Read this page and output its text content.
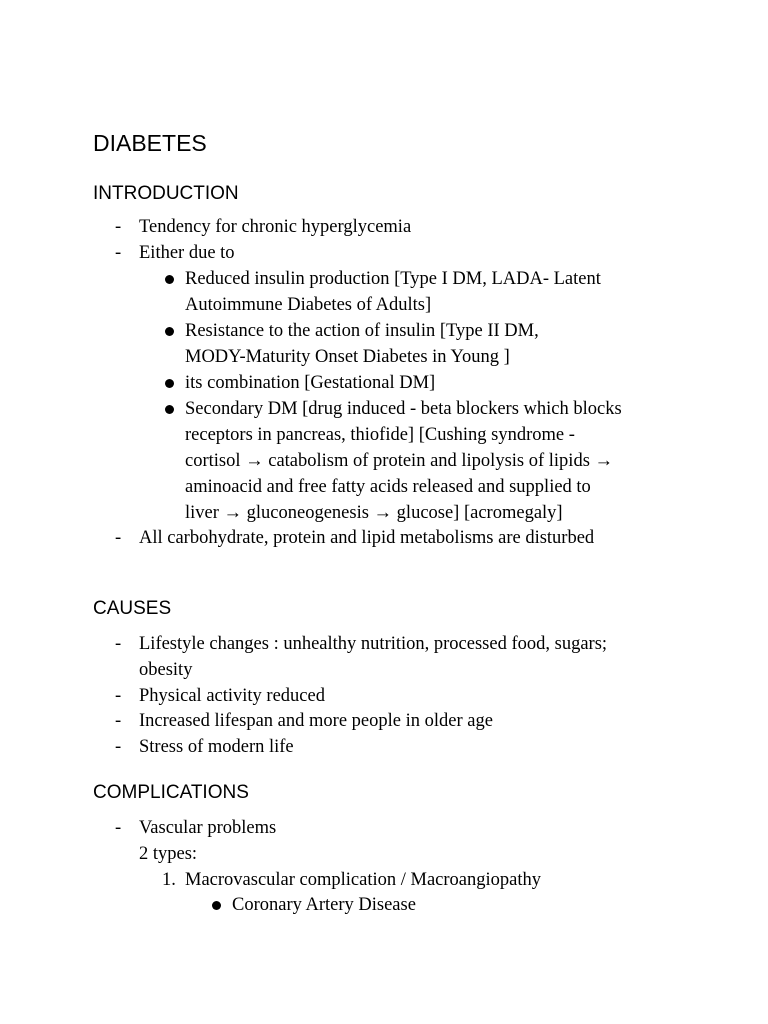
DIABETES
INTRODUCTION
- Tendency for chronic hyperglycemia

- Either due to

Reduced insulin production [Type I DM, LADA- Latent

Autoimmune Diabetes of Adults]

Resistance to the action of insulin [Type II DM,

MODY-Maturity Onset Diabetes in Young ]

its combination [Gestational DM]

Secondary DM [drug induced - beta blockers which blocks

receptors in pancreas, thiofide] [Cushing syndrome -

cortisol → catabolism of protein and lipolysis of lipids →

aminoacid and free fatty acids released and supplied to

liver → gluconeogenesis → glucose] [acromegaly]

- All carbohydrate, protein and lipid metabolisms are disturbed

CAUSES
- Lifestyle changes : unhealthy nutrition, processed food, sugars;

obesity

- Physical activity reduced

- Increased lifespan and more people in older age

- Stress of modern life

COMPLICATIONS
- Vascular problems

2 types:

1. Macrovascular complication / Macroangiopathy

Coronary Artery Disease
